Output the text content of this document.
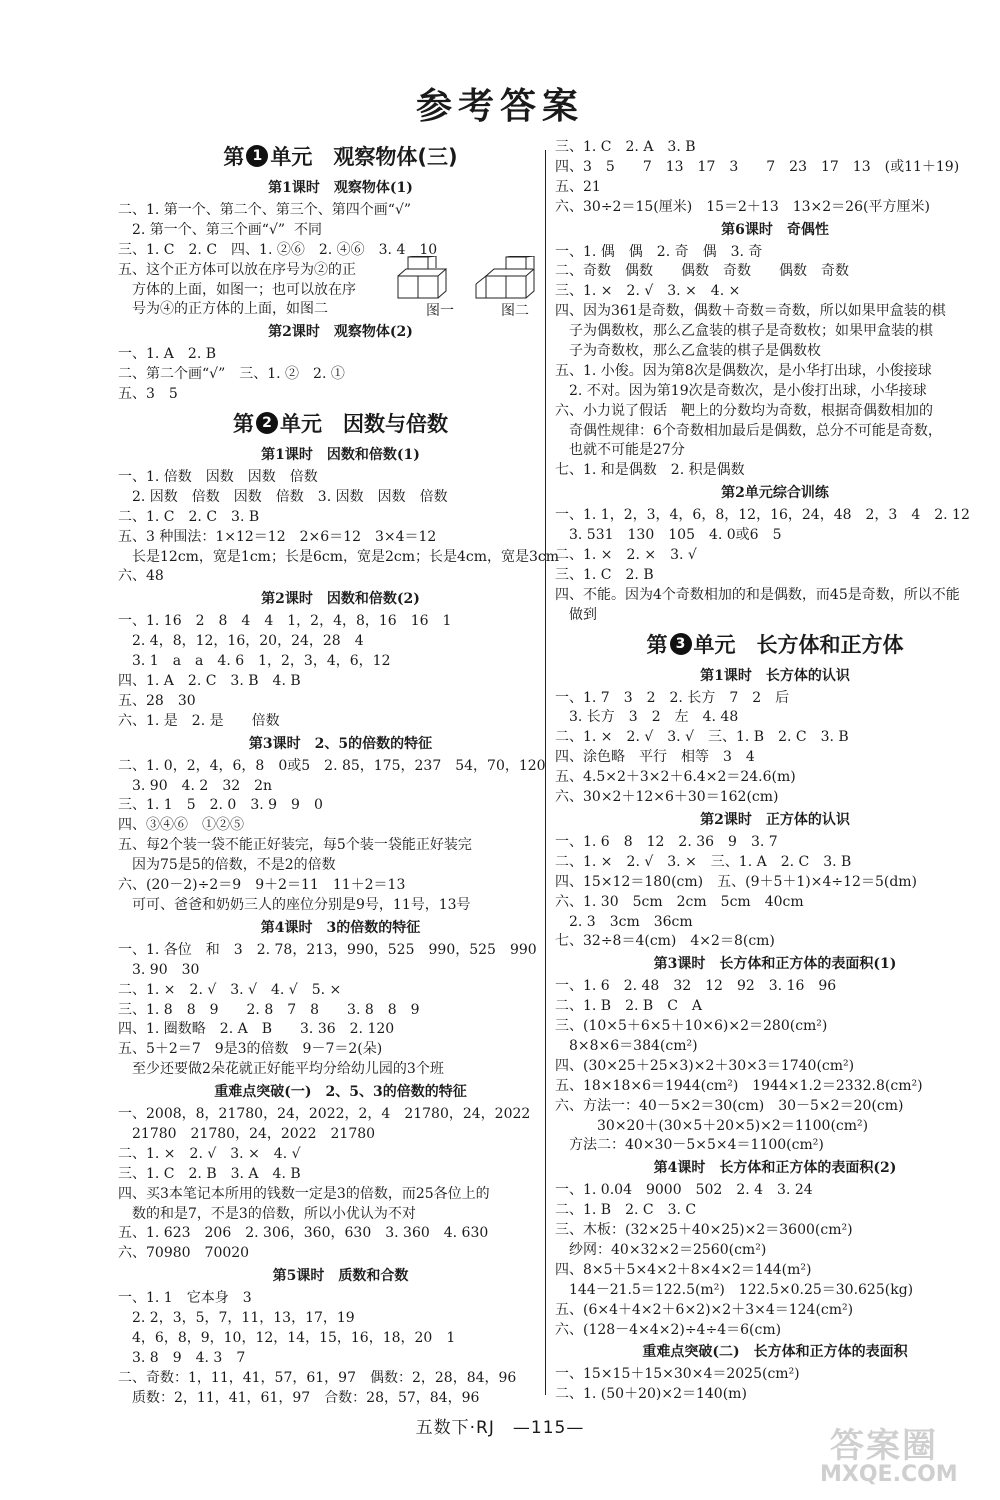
参考答案
第 1 单元　观察物体(三)
第1课时　观察物体(1)
二、1. 第一个、第二个、第三个、第四个画“√”
2. 第一个、第三个画“√”  不同
三、1. C　2. C　四、1. ②⑥　2. ④⑥　3. 4　10
五、这个正方体可以放在序号为②的正
方体的上面，如图一；也可以放在序
号为④的正方体的上面，如图二
第2课时　观察物体(2)
一、1. A　2. B
二、第二个画“√”　三、1. ②　2. ①
五、3　5
第 2 单元　因数与倍数
第1课时　因数和倍数(1)
一、1. 倍数　因数　因数　倍数
2. 因数　倍数　因数　倍数　3. 因数　因数　倍数
二、1. C　2. C　3. B
五、3 种围法：1×12＝12　2×6＝12　3×4＝12
长是12cm，宽是1cm；长是6cm，宽是2cm；长是4cm，宽是3cm
六、48
第2课时　因数和倍数(2)
一、1. 16　2　8　4　4　1，2，4，8，16　16　1
2. 4，8，12，16，20，24，28　4
3. 1　a　a　4. 6　1，2，3，4，6，12
四、1. A　2. C　3. B　4. B
五、28　30
六、1. 是　2. 是　　倍数
第3课时　2、5的倍数的特征
二、1. 0，2，4，6，8　0或5　2. 85，175，237　54，70，120
3. 90　4. 2　32　2n
三、1. 1　5　2. 0　3. 9　9　0
四、③④⑥　①②⑤
五、每2个装一袋不能正好装完，每5个装一袋能正好装完
因为75是5的倍数，不是2的倍数
六、(20－2)÷2＝9　9＋2＝11　11＋2＝13
可可、爸爸和奶奶三人的座位分别是9号，11号，13号
第4课时　3的倍数的特征
一、1. 各位　和　3　2. 78，213，990，525　990，525　990
3. 90　30
二、1. ×　2. √　3. √　4. √　5. ×
三、1. 8　8　9　　2. 8　7　8　　3. 8　8　9
四、1. 圈数略　2. A　B　　3. 36　2. 120
五、5＋2＝7　9是3的倍数　9－7＝2(朵)
至少还要做2朵花就正好能平均分给幼儿园的3个班
重难点突破(一)　2、5、3的倍数的特征
一、2008，8，21780，24，2022，2，4　21780，24，2022
21780　21780，24，2022　21780
二、1. ×　2. √　3. ×　4. √
三、1. C　2. B　3. A　4. B
四、买3本笔记本所用的钱数一定是3的倍数，而25各位上的
数的和是7，不是3的倍数，所以小优认为不对
五、1. 623　206　2. 306，360，630　3. 360　4. 630
六、70980　70020
第5课时　质数和合数
一、1. 1　它本身　3
2. 2，3，5，7，11，13，17，19
4，6，8，9，10，12，14，15，16，18，20　1
3. 8　9　4. 3　7
二、奇数：1，11，41，57，61，97　偶数：2，28，84，96
质数：2，11，41，61，97　合数：28，57，84，96
三、1. C　2. A　3. B
四、3　5　　7　13　17　3　　7　23　17　13　(或11＋19)
五、21
六、30÷2＝15(厘米)　15＝2＋13　13×2＝26(平方厘米)
第6课时　奇偶性
一、1. 偶　偶　2. 奇　偶　3. 奇
二、奇数　偶数　　偶数　奇数　　偶数　奇数
三、1. ×　2. √　3. ×　4. ×
四、因为361是奇数，偶数＋奇数＝奇数，所以如果甲盒装的棋
子为偶数枚，那么乙盒装的棋子是奇数枚；如果甲盒装的棋
子为奇数枚，那么乙盒装的棋子是偶数枚
五、1. 小俊。因为第8次是偶数次，是小华打出球，小俊接球
2. 不对。因为第19次是奇数次，是小俊打出球，小华接球
六、小力说了假话　靶上的分数均为奇数，根据奇偶数相加的
奇偶性规律：6个奇数相加最后是偶数，总分不可能是奇数，
也就不可能是27分
七、1. 和是偶数　2. 积是偶数
第2单元综合训练
一、1. 1，2，3，4，6，8，12，16，24，48　2，3　4　2. 12
3. 531　130　105　4. 0或6　5
二、1. ×　2. ×　3. √
三、1. C　2. B
四、不能。因为4个奇数相加的和是偶数，而45是奇数，所以不能
做到
第 3 单元　长方体和正方体
第1课时　长方体的认识
一、1. 7　3　2　2. 长方　7　2　后
3. 长方　3　2　左　4. 48
二、1. ×　2. √　3. √　三、1. B　2. C　3. B
四、涂色略　平行　相等　3　4
五、4.5×2＋3×2＋6.4×2＝24.6(m)
六、30×2＋12×6＋30＝162(cm)
第2课时　正方体的认识
一、1. 6　8　12　2. 36　9　3. 7
二、1. ×　2. √　3. ×　三、1. A　2. C　3. B
四、15×12＝180(cm)　五、(9＋5＋1)×4÷12＝5(dm)
六、1. 30　5cm　2cm　5cm　40cm
2. 3　3cm　36cm
七、32÷8＝4(cm)　4×2＝8(cm)
第3课时　长方体和正方体的表面积(1)
一、1. 6　2. 48　32　12　92　3. 16　96
二、1. B　2. B　C　A
三、(10×5＋6×5＋10×6)×2＝280(cm²)
8×8×6＝384(cm²)
四、(30×25＋25×3)×2＋30×3＝1740(cm²)
五、18×18×6＝1944(cm²)　1944×1.2＝2332.8(cm²)
六、方法一：40－5×2＝30(cm)　30－5×2＝20(cm)
　30×20＋(30×5＋20×5)×2＝1100(cm²)
方法二：40×30－5×5×4＝1100(cm²)
第4课时　长方体和正方体的表面积(2)
一、1. 0.04　9000　502　2. 4　3. 24
二、1. B　2. C　3. C
三、木板：(32×25＋40×25)×2＝3600(cm²)
纱网：40×32×2＝2560(cm²)
四、8×5＋5×4×2＋8×4×2＝144(m²)
144－21.5＝122.5(m²)　122.5×0.25＝30.625(kg)
五、(6×4＋4×2＋6×2)×2＋3×4＝124(cm²)
六、(128－4×4×2)÷4÷4＝6(cm)
重难点突破(二)　长方体和正方体的表面积
一、15×15＋15×30×4＝2025(cm²)
二、1. (50＋20)×2＝140(m)
图一	图二
五数下·RJ　—115—	答案圈
MXQE.COM
